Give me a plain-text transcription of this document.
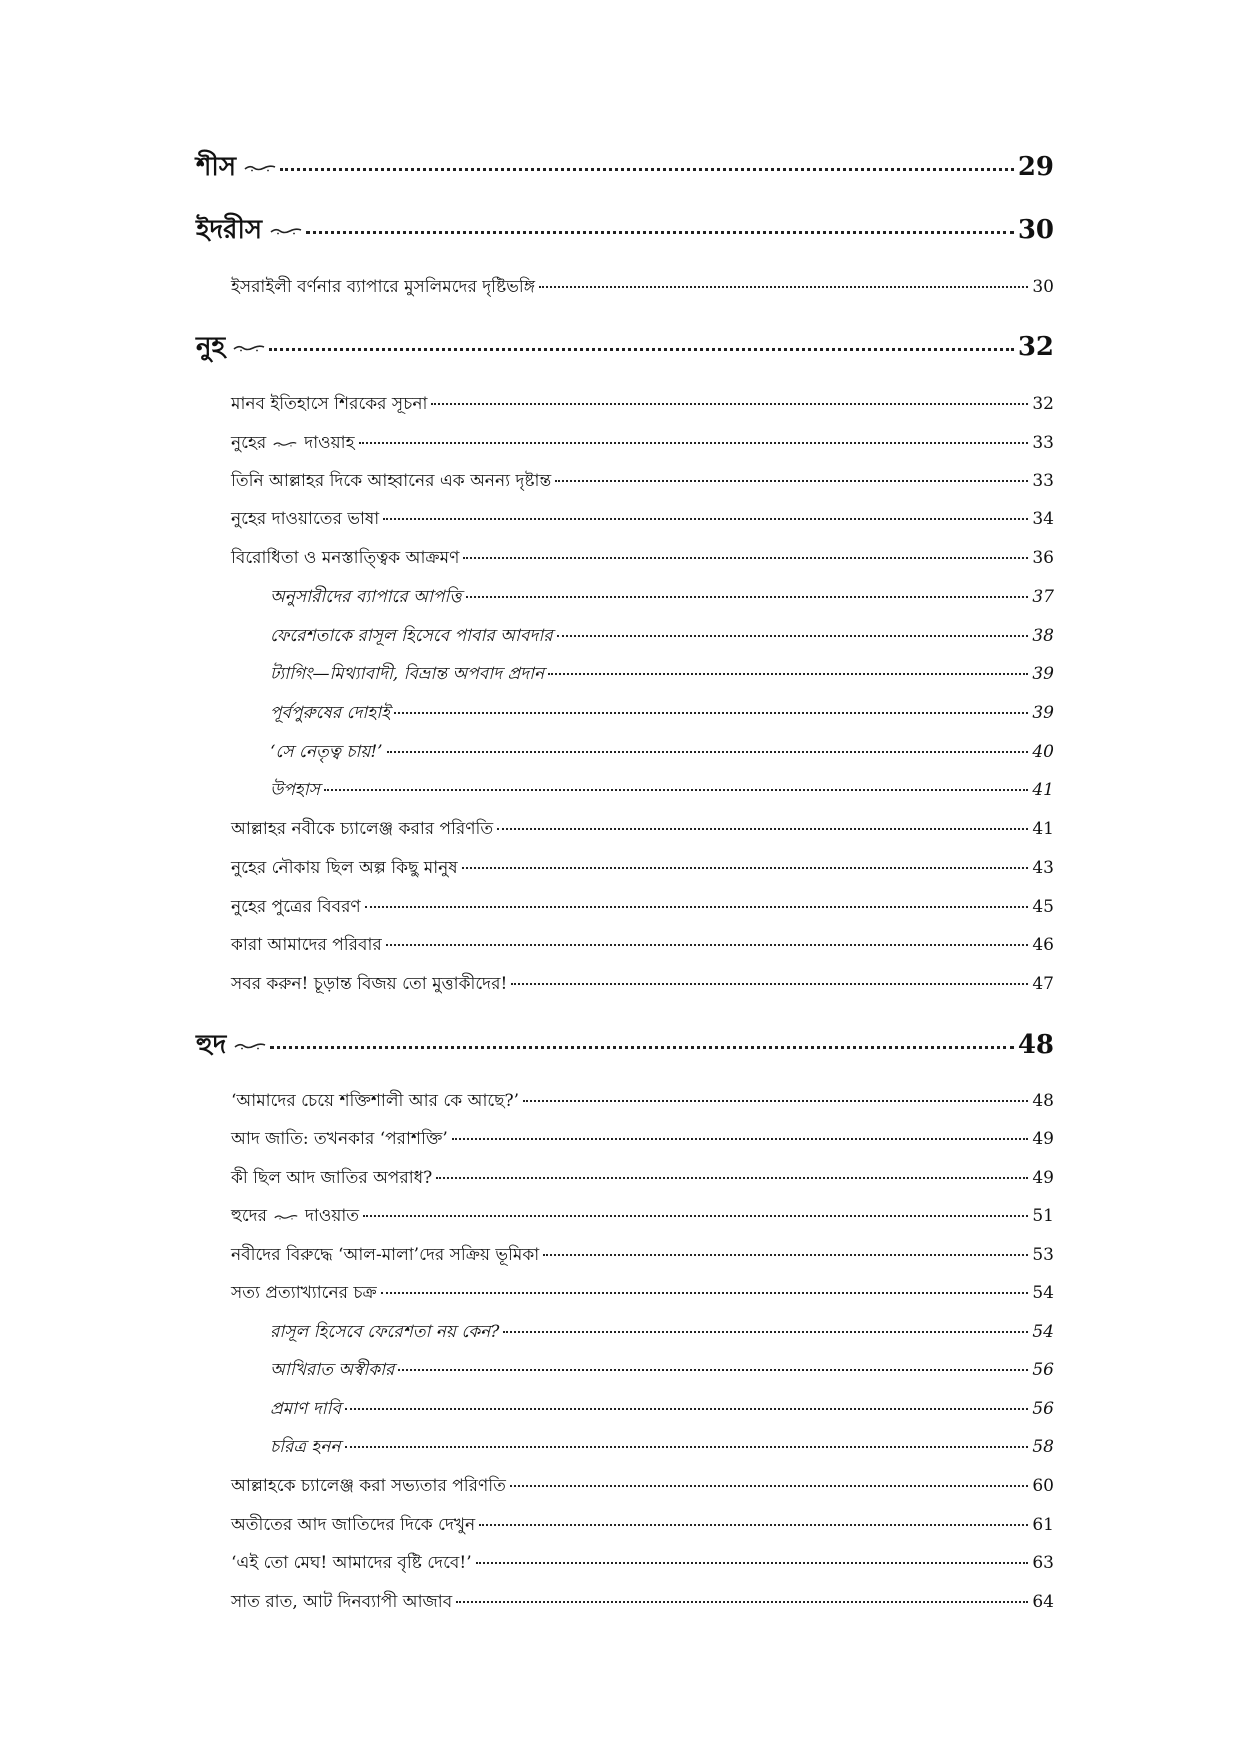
শীস	29
ইদরীস	30
ইসরাইলী বর্ণনার ব্যাপারে মুসলিমদের দৃষ্টিভঙ্গি	30
নুহ	32
মানব ইতিহাসে শিরকের সূচনা	32
নুহের দাওয়াহ	33
তিনি আল্লাহর দিকে আহ্বানের এক অনন্য দৃষ্টান্ত	33
নুহের দাওয়াতের ভাষা	34
বিরোধিতা ও মনস্তাত্ত্বিক আক্রমণ	36
অনুসারীদের ব্যাপারে আপত্তি	37
ফেরেশতাকে রাসূল হিসেবে পাবার আবদার	38
ট্যাগিং—মিথ্যাবাদী, বিভ্রান্ত অপবাদ প্রদান	39
পূর্বপুরুষের দোহাই	39
‘সে নেতৃত্ব চায়!’	40
উপহাস	41
আল্লাহর নবীকে চ্যালেঞ্জ করার পরিণতি	41
নুহের নৌকায় ছিল অল্প কিছু মানুষ	43
নুহের পুত্রের বিবরণ	45
কারা আমাদের পরিবার	46
সবর করুন! চূড়ান্ত বিজয় তো মুত্তাকীদের!	47
হুদ	48
‘আমাদের চেয়ে শক্তিশালী আর কে আছে?’	48
আদ জাতি: তখনকার ‘পরাশক্তি’	49
কী ছিল আদ জাতির অপরাধ?	49
হুদের দাওয়াত	51
নবীদের বিরুদ্ধে ‘আল-মালা’দের সক্রিয় ভূমিকা	53
সত্য প্রত্যাখ্যানের চক্র	54
রাসূল হিসেবে ফেরেশতা নয় কেন?	54
আখিরাত অস্বীকার	56
প্রমাণ দাবি	56
চরিত্র হনন	58
আল্লাহকে চ্যালেঞ্জ করা সভ্যতার পরিণতি	60
অতীতের আদ জাতিদের দিকে দেখুন	61
‘এই তো মেঘ! আমাদের বৃষ্টি দেবে!’	63
সাত রাত, আট দিনব্যাপী আজাব	64
